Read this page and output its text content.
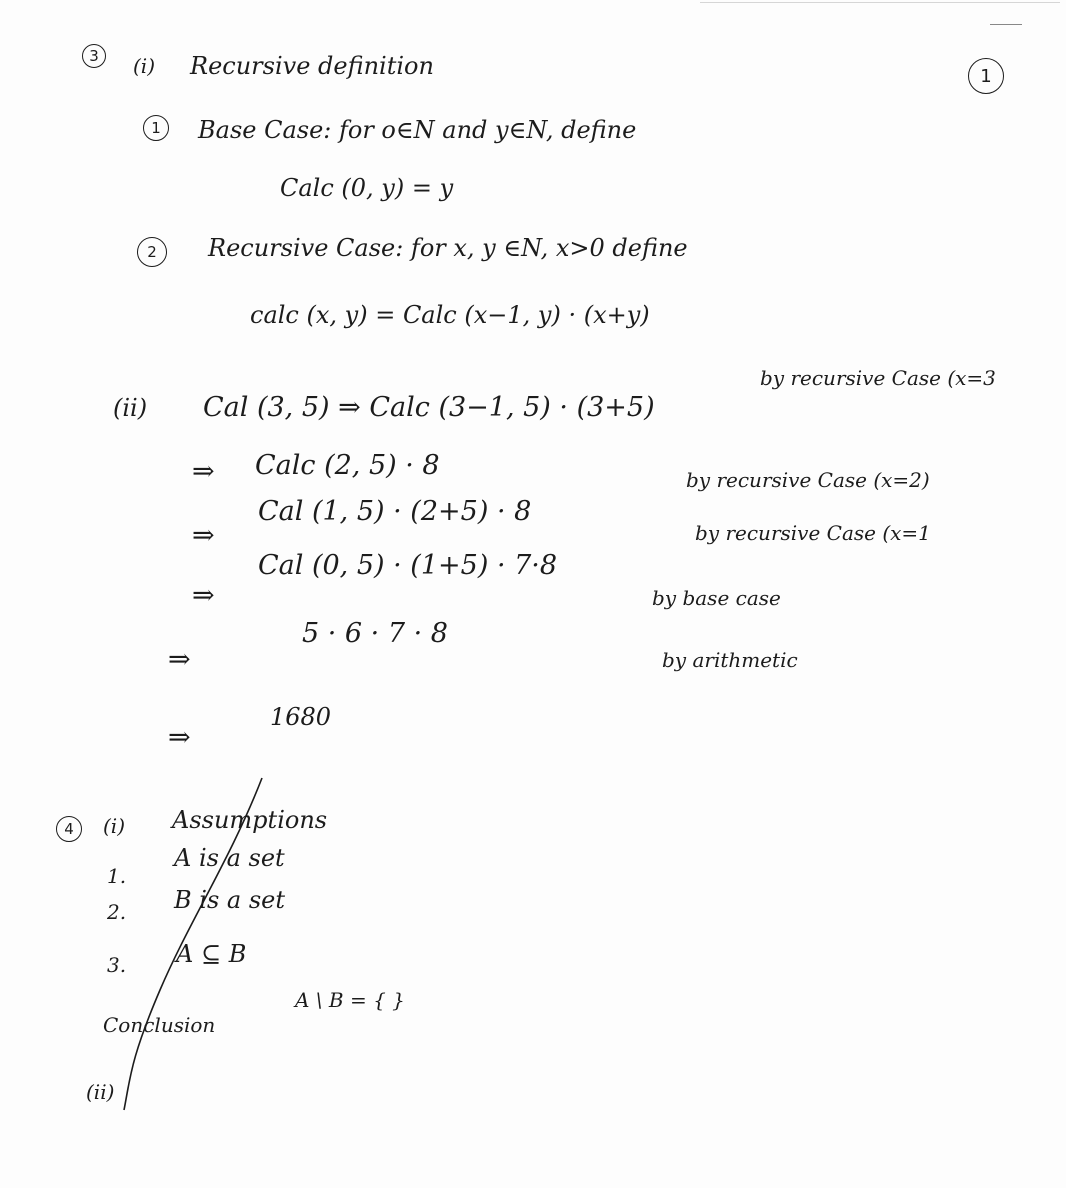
3 (i) Recursive definition	1
1 Base Case: for o∈N and y∈N, define
Calc (0, y) = y
2 Recursive Case: for x, y ∈N, x>0 define
calc (x, y) = Calc (x−1, y) · (x+y)
(ii) Cal (3, 5) ⇒ Calc (3−1, 5) · (3+5)
by recursive Case (x=3
⇒ Calc (2, 5) · 8
⇒
Cal (1, 5) · (2+5) · 8
by recursive Case (x=2)
⇒
Cal (0, 5) · (1+5) · 7·8
by recursive Case (x=1
⇒
5 · 6 · 7 · 8
by base case
by arithmetic
⇒
1680
4 (i) Assumptions
1.
A is a set
2. B is a set
3. A ⊆ B
Conclusion
A \ B = { }
(ii)
